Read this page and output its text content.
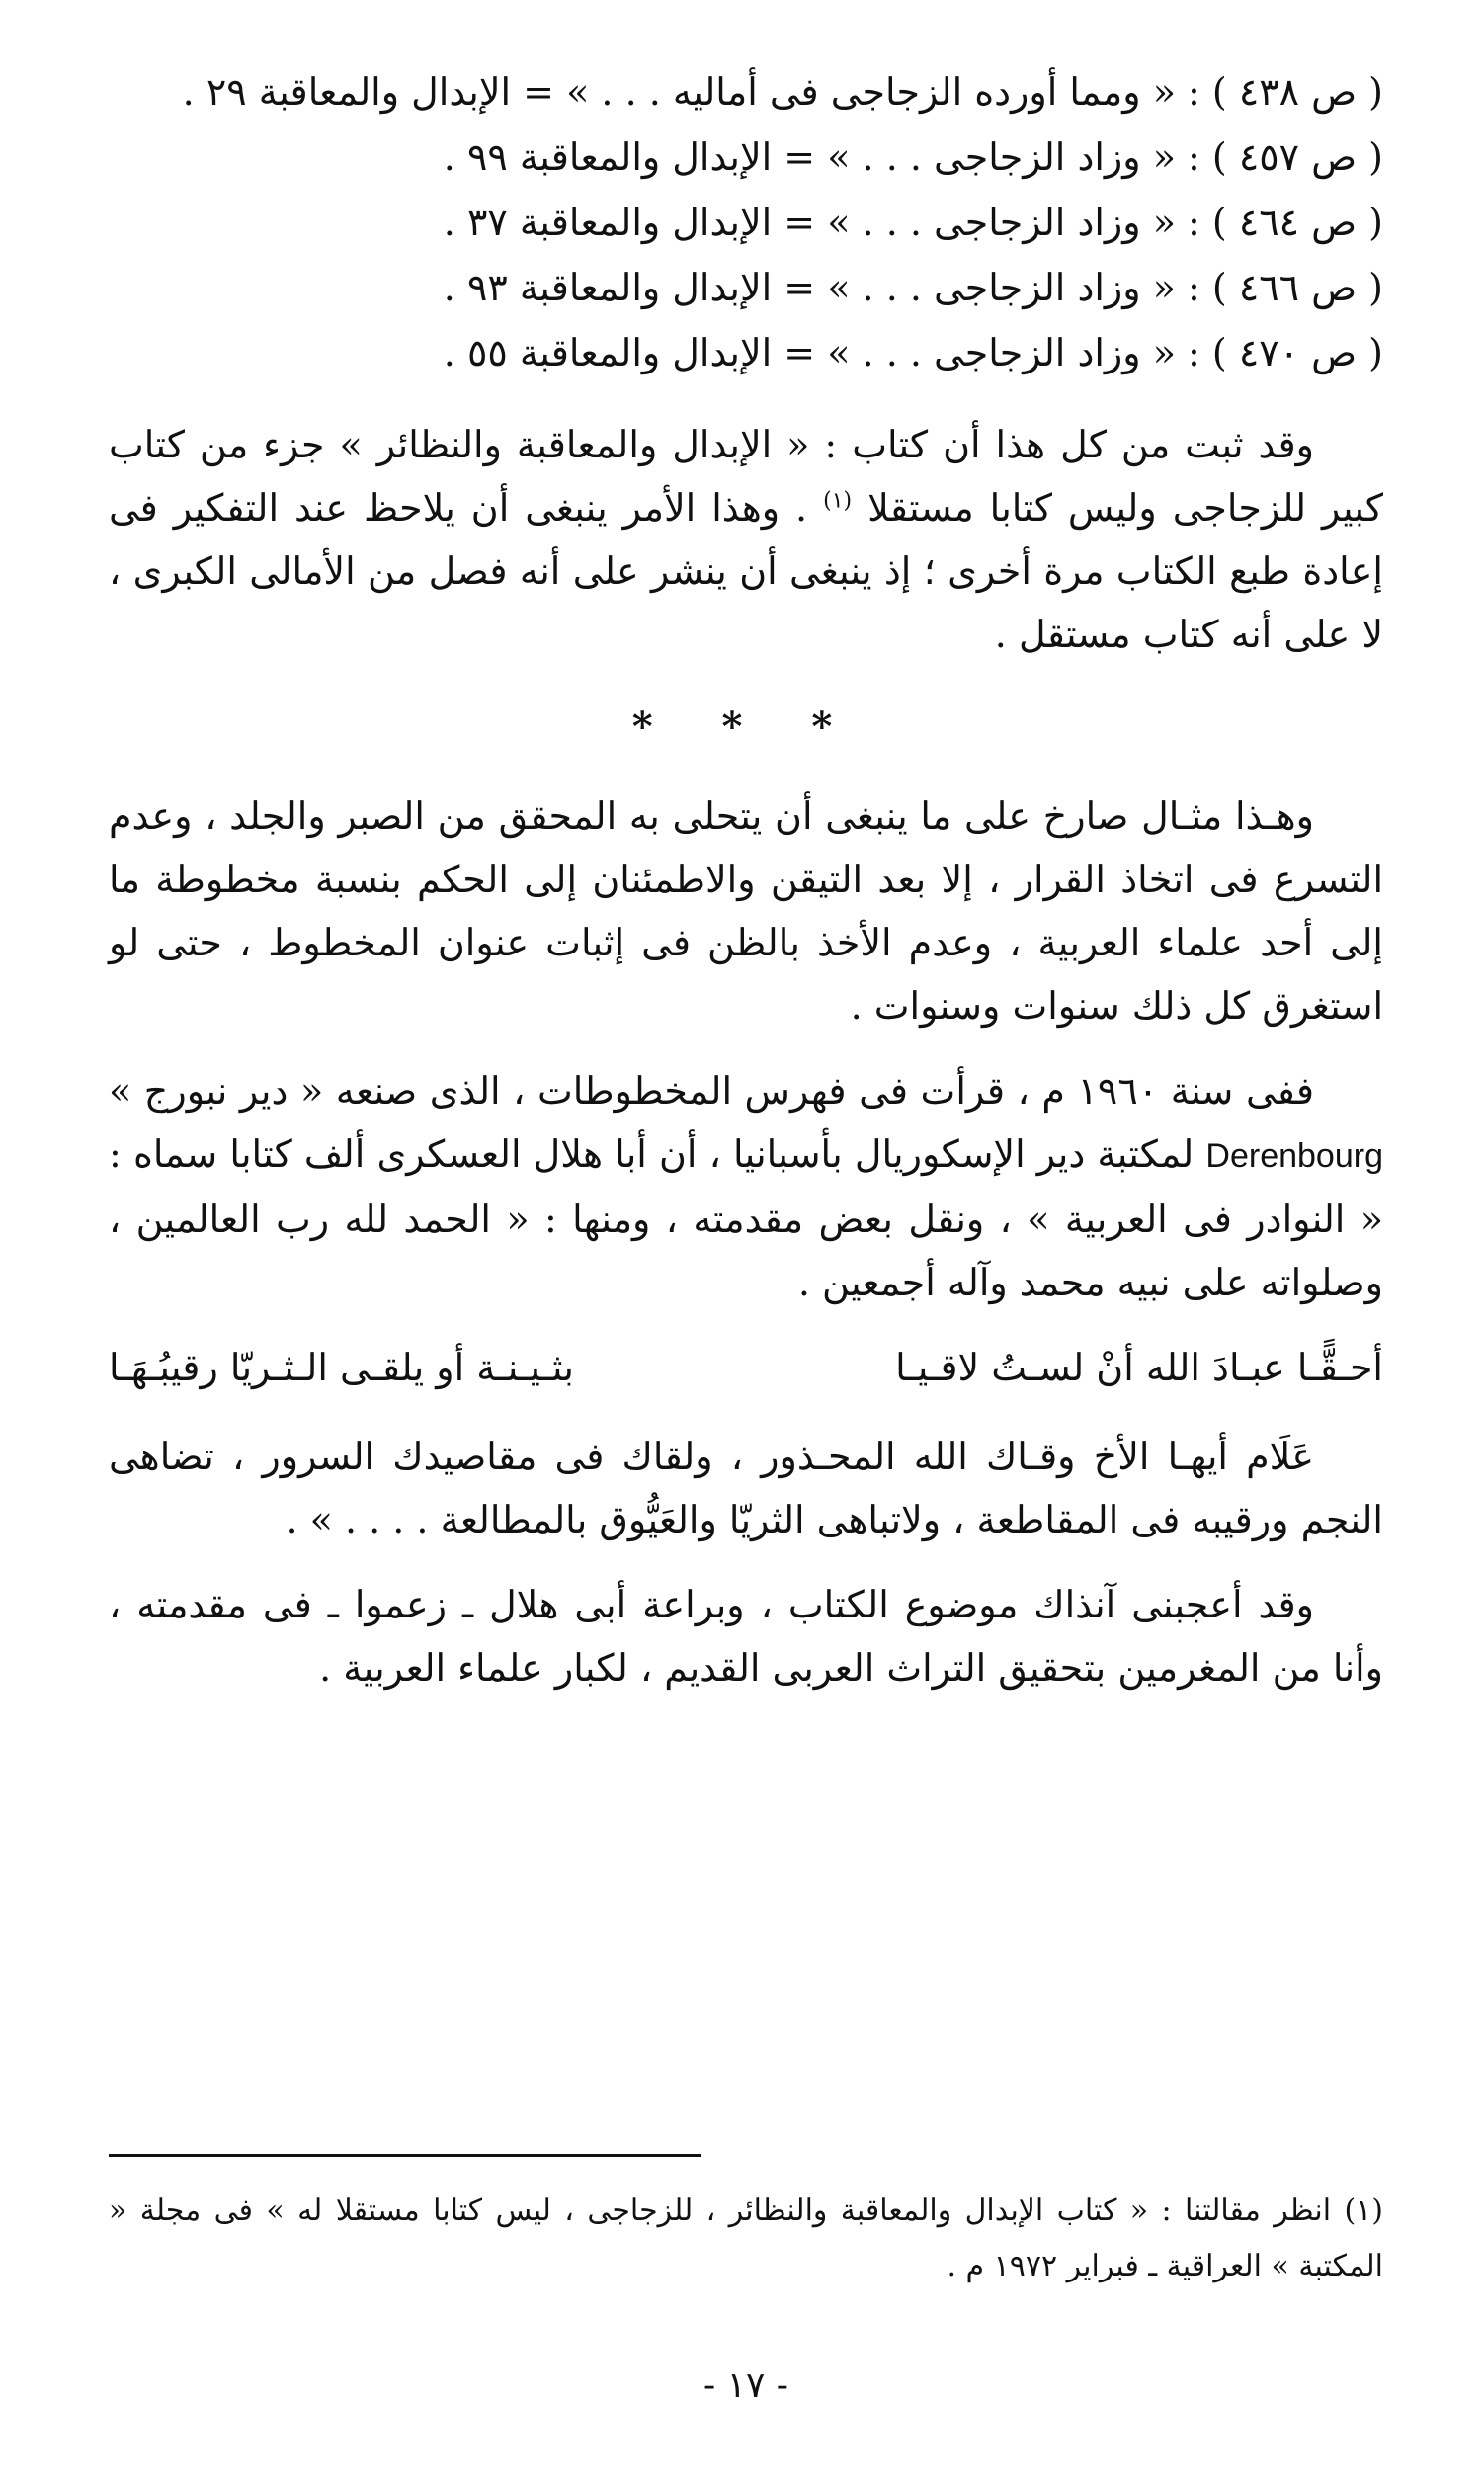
( ص ٤٣٨ ) : « ومما أورده الزجاجى فى أماليه . . . » = الإبدال والمعاقبة ٢٩ .
( ص ٤٥٧ ) : « وزاد الزجاجى . . . » = الإبدال والمعاقبة ٩٩ .
( ص ٤٦٤ ) : « وزاد الزجاجى . . . » = الإبدال والمعاقبة ٣٧ .
( ص ٤٦٦ ) : « وزاد الزجاجى . . . » = الإبدال والمعاقبة ٩٣ .
( ص ٤٧٠ ) : « وزاد الزجاجى . . . » = الإبدال والمعاقبة ٥٥ .

وقد ثبت من كل هذا أن كتاب : « الإبدال والمعاقبة والنظائر » جزء من كتاب كبير للزجاجى وليس كتابا مستقلا $^{(١)}$ . وهذا الأمر ينبغى أن يلاحظ عند التفكير فى إعادة طبع الكتاب مرة أخرى ؛ إذ ينبغى أن ينشر على أنه فصل من الأمالى الكبرى ، لا على أنه كتاب مستقل .

* * *

وهـذا مثـال صارخ على ما ينبغى أن يتحلى به المحقق من الصبر والجلد ، وعدم التسرع فى اتخاذ القرار ، إلا بعد التيقن والاطمئنان إلى الحكم بنسبة مخطوطة ما إلى أحد علماء العربية ، وعدم الأخذ بالظن فى إثبات عنوان المخطوط ، حتى لو استغرق كل ذلك سنوات وسنوات .

ففى سنة ١٩٦٠ م ، قرأت فى فهرس المخطوطات ، الذى صنعه « دير نبورج » Derenbourg لمكتبة دير الإسكوريال بأسبانيا ، أن أبا هلال العسكرى ألف كتابا سماه : « النوادر فى العربية » ، ونقل بعض مقدمته ، ومنها : « الحمد لله رب العالمين ، وصلواته على نبيه محمد وآله أجمعين .

أحـقًّـا عبـادَ الله أنْ لسـتُ لاقـيـا
بثـيـنـة أو يلقـى الـثـريّا رقيبُـهَـا

عَلَام أيهـا الأخ وقـاك الله المحـذور ، ولقاك فى مقاصيدك السرور ، تضاهى النجم ورقيبه فى المقاطعة ، ولاتباهى الثريّا والعَيُّوق بالمطالعة . . . . » .

وقد أعجبنى آنذاك موضوع الكتاب ، وبراعة أبى هلال ـ زعموا ـ فى مقدمته ، وأنا من المغرمين بتحقيق التراث العربى القديم ، لكبار علماء العربية .

(١) انظر مقالتنا : « كتاب الإبدال والمعاقبة والنظائر ، للزجاجى ، ليس كتابا مستقلا له » فى مجلة « المكتبة » العراقية ـ فبراير ١٩٧٢ م .
- ١٧ -
